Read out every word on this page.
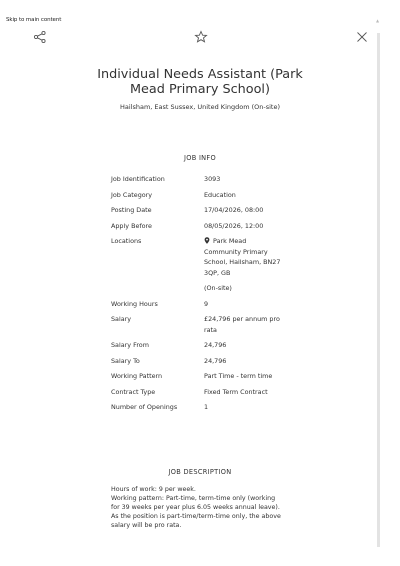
Skip to main content	▲
Individual Needs Assistant (Park Mead Primary School)
Hailsham, East Sussex, United Kingdom (On-site)
JOB INFO
Job Identification	3093
Job Category	Education
Posting Date	17/04/2026, 08:00
Apply Before	08/05/2026, 12:00
Locations	Park Mead Community Primary School, Hailsham, BN27 3QP, GB
(On-site)

Working Hours	9
Salary	£24,796 per annum pro rata
Salary From	24,796
Salary To	24,796
Working Pattern	Part Time - term time
Contract Type	Fixed Term Contract
Number of Openings	1
JOB DESCRIPTION

Hours of work: 9 per week.

Working pattern: Part-time, term-time only (working for 39 weeks per year plus 6.05 weeks annual leave).

As the position is part-time/term-time only, the above salary will be pro rata.
